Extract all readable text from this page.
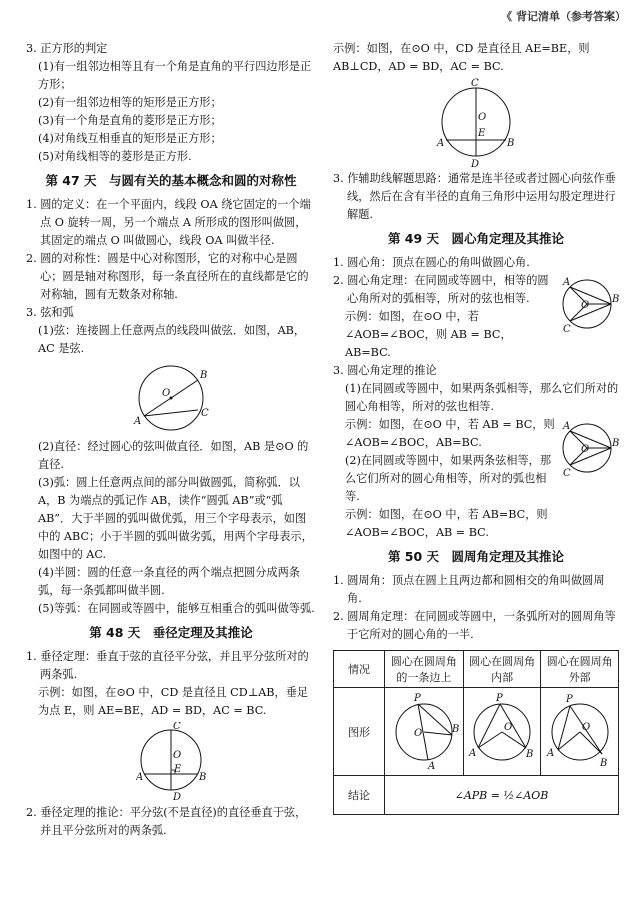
《 背记清单（参考答案）

3. 正方形的判定

(1)有一组邻边相等且有一个角是直角的平行四边形是正方形；

(2)有一组邻边相等的矩形是正方形；

(3)有一个角是直角的菱形是正方形；

(4)对角线互相垂直的矩形是正方形；

(5)对角线相等的菱形是正方形.

第 47 天　与圆有关的基本概念和圆的对称性

1. 圆的定义：在一个平面内，线段 OA 绕它固定的一个端点 O 旋转一周，另一个端点 A 所形成的图形叫做圆，其固定的端点 O 叫做圆心，线段 OA 叫做半径.

2. 圆的对称性：圆是中心对称图形，它的对称中心是圆心；圆是轴对称图形，每一条直径所在的直线都是它的对称轴，圆有无数条对称轴.

3. 弦和弧

(1)弦：连接圆上任意两点的线段叫做弦．如图，AB，AC 是弦.

O
B
A
C

(2)直径：经过圆心的弦叫做直径．如图，AB 是⊙O 的直径.

(3)弧：圆上任意两点间的部分叫做圆弧，简称弧．以 A，B 为端点的弧记作 AB，读作“圆弧 AB”或“弧 AB”．大于半圆的弧叫做优弧，用三个字母表示，如图中的 ABC；小于半圆的弧叫做劣弧，用两个字母表示，如图中的 AC.

(4)半圆：圆的任意一条直径的两个端点把圆分成两条弧，每一条弧都叫做半圆.

(5)等弧：在同圆或等圆中，能够互相重合的弧叫做等弧.

第 48 天　垂径定理及其推论

1. 垂径定理：垂直于弦的直径平分弦，并且平分弦所对的两条弧.

示例：如图，在⊙O 中，CD 是直径且 CD⊥AB，垂足为点 E，则 AE=BE，AD = BD，AC = BC.

C
O
E
A	B
D

2. 垂径定理的推论：平分弦(不是直径)的直径垂直于弦，并且平分弦所对的两条弧.

示例：如图，在⊙O 中，CD 是直径且 AE=BE，则 AB⊥CD，AD = BD，AC = BC.

C
O
E
A	B
D

3. 作辅助线解题思路：通常是连半径或者过圆心向弦作垂线，然后在含有半径的直角三角形中运用勾股定理进行解题.

第 49 天　圆心角定理及其推论

1. 圆心角：顶点在圆心的角叫做圆心角.

2. 圆心角定理：在同圆或等圆中，相等的圆心角所对的弧相等，所对的弦也相等.

示例：如图，在⊙O 中，若∠AOB=∠BOC，则 AB = BC，AB=BC.

O
A
B
C

3. 圆心角定理的推论

(1)在同圆或等圆中，如果两条弧相等，那么它们所对的圆心角相等，所对的弦也相等.

示例：如图，在⊙O 中，若 AB = BC，则∠AOB=∠BOC，AB=BC.

(2)在同圆或等圆中，如果两条弦相等，那么它们所对的圆心角相等，所对的弧也相等.

O
A
B
C

示例：如图，在⊙O 中，若 AB=BC，则∠AOB=∠BOC，AB = BC.

第 50 天　圆周角定理及其推论

1. 圆周角：顶点在圆上且两边都和圆相交的角叫做圆周角.

2. 圆周角定理：在同圆或等圆中，一条弧所对的圆周角等于它所对的圆心角的一半.

情况	圆心在圆周角的一条边上	圆心在圆周角内部	圆心在圆周角外部
图形	P
O B
A	P
O
A B	P
O
A
B

结论	∠APB = ½∠AOB		
